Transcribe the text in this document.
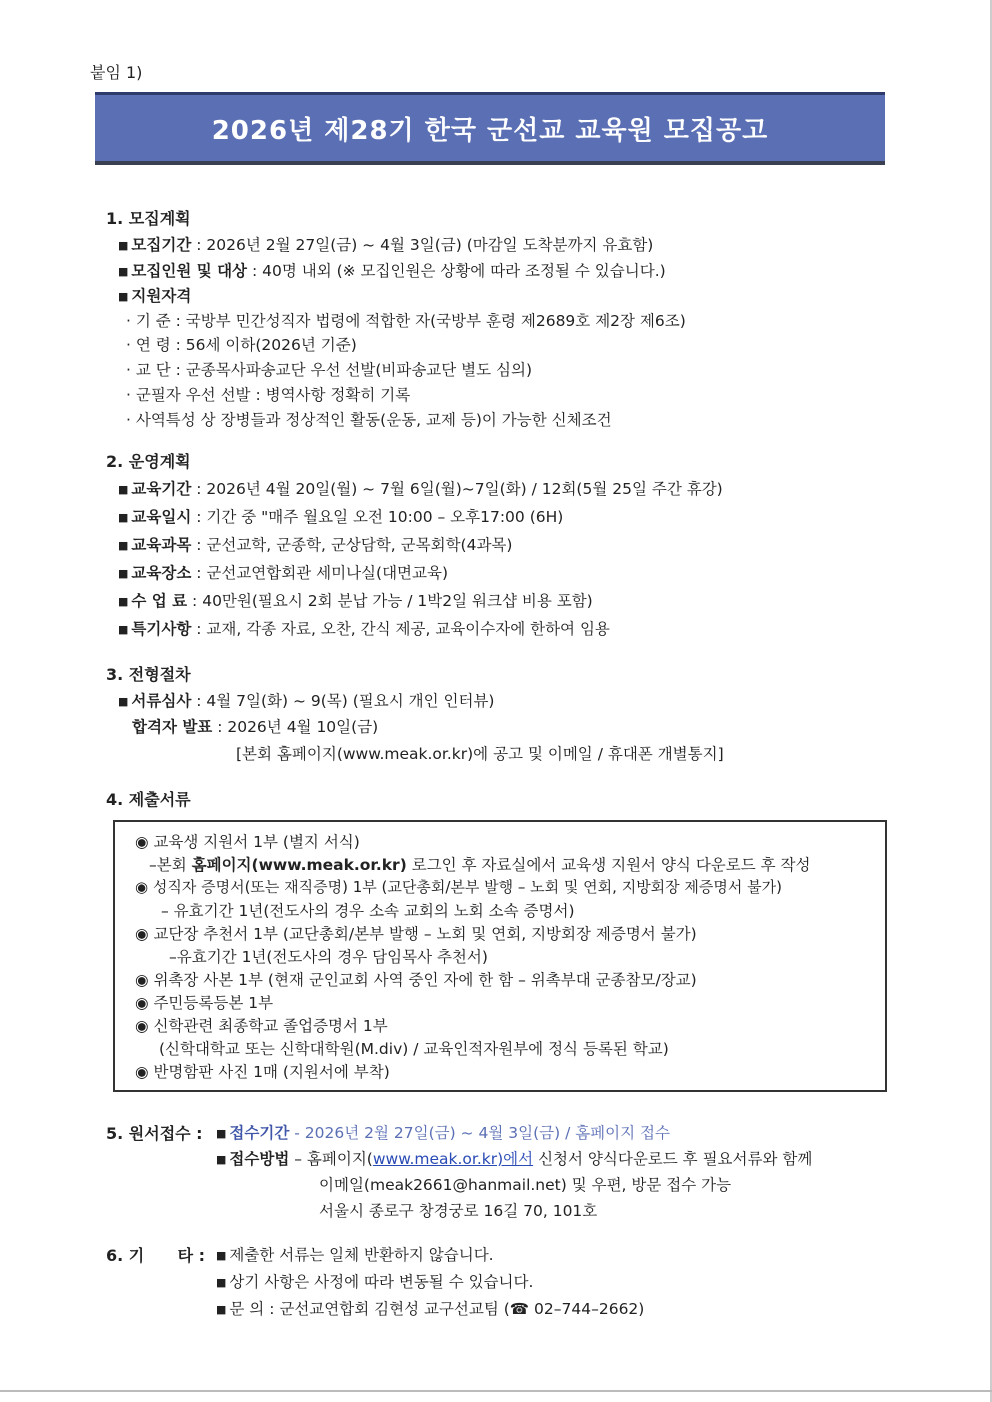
붙임 1)
2026년 제28기 한국 군선교 교육원 모집공고
1. 모집계획
■ 모집기간 : 2026년 2월 27일(금) ~ 4월 3일(금) (마감일 도착분까지 유효함)
■ 모집인원 및 대상 : 40명 내외 (※ 모집인원은 상황에 따라 조정될 수 있습니다.)
■ 지원자격
· 기 준 : 국방부 민간성직자 법령에 적합한 자(국방부 훈령 제2689호 제2장 제6조)
· 연 령 : 56세 이하(2026년 기준)
· 교 단 : 군종목사파송교단 우선 선발(비파송교단 별도 심의)
· 군필자 우선 선발 : 병역사항 정확히 기록
· 사역특성 상 장병들과 정상적인 활동(운동, 교제 등)이 가능한 신체조건
2. 운영계획
■ 교육기간 : 2026년 4월 20일(월) ~ 7월 6일(월)~7일(화) / 12회(5월 25일 주간 휴강)
■ 교육일시 : 기간 중 "매주 월요일 오전 10:00 – 오후17:00 (6H)
■ 교육과목 : 군선교학, 군종학, 군상담학, 군목회학(4과목)
■ 교육장소 : 군선교연합회관 세미나실(대면교육)
■ 수 업 료 : 40만원(필요시 2회 분납 가능 / 1박2일 워크샵 비용 포함)
■ 특기사항 : 교재, 각종 자료, 오찬, 간식 제공, 교육이수자에 한하여 임용
3. 전형절차
■ 서류심사 : 4월 7일(화) ~ 9(목) (필요시 개인 인터뷰)
합격자 발표 : 2026년 4월 10일(금)
[본회 홈페이지(www.meak.or.kr)에 공고 및 이메일 / 휴대폰 개별통지]
4. 제출서류
◉ 교육생 지원서 1부 (별지 서식)
–본회 홈페이지(www.meak.or.kr) 로그인 후 자료실에서 교육생 지원서 양식 다운로드 후 작성
◉ 성직자 증명서(또는 재직증명) 1부 (교단총회/본부 발행 – 노회 및 연회, 지방회장 제증명서 불가)
– 유효기간 1년(전도사의 경우 소속 교회의 노회 소속 증명서)
◉ 교단장 추천서 1부 (교단총회/본부 발행 – 노회 및 연회, 지방회장 제증명서 불가)
–유효기간 1년(전도사의 경우 담임목사 추천서)
◉ 위촉장 사본 1부 (현재 군인교회 사역 중인 자에 한 함 – 위촉부대 군종참모/장교)
◉ 주민등록등본 1부
◉ 신학관련 최종학교 졸업증명서 1부
(신학대학교 또는 신학대학원(M.div) / 교육인적자원부에 정식 등록된 학교)
◉ 반명함판 사진 1매 (지원서에 부착)
5. 원서접수 : ■ 접수기간 - 2026년 2월 27일(금) ~ 4월 3일(금) / 홈페이지 접수
■ 접수방법 – 홈페이지(www.meak.or.kr)에서 신청서 양식다운로드 후 필요서류와 함께
이메일(meak2661@hanmail.net) 및 우편, 방문 접수 가능
서울시 종로구 창경궁로 16길 70, 101호
6. 기      타 : ■ 제출한 서류는 일체 반환하지 않습니다.
■ 상기 사항은 사정에 따라 변동될 수 있습니다.
■ 문 의 : 군선교연합회 김현성 교구선교팀 (☎ 02–744–2662)
